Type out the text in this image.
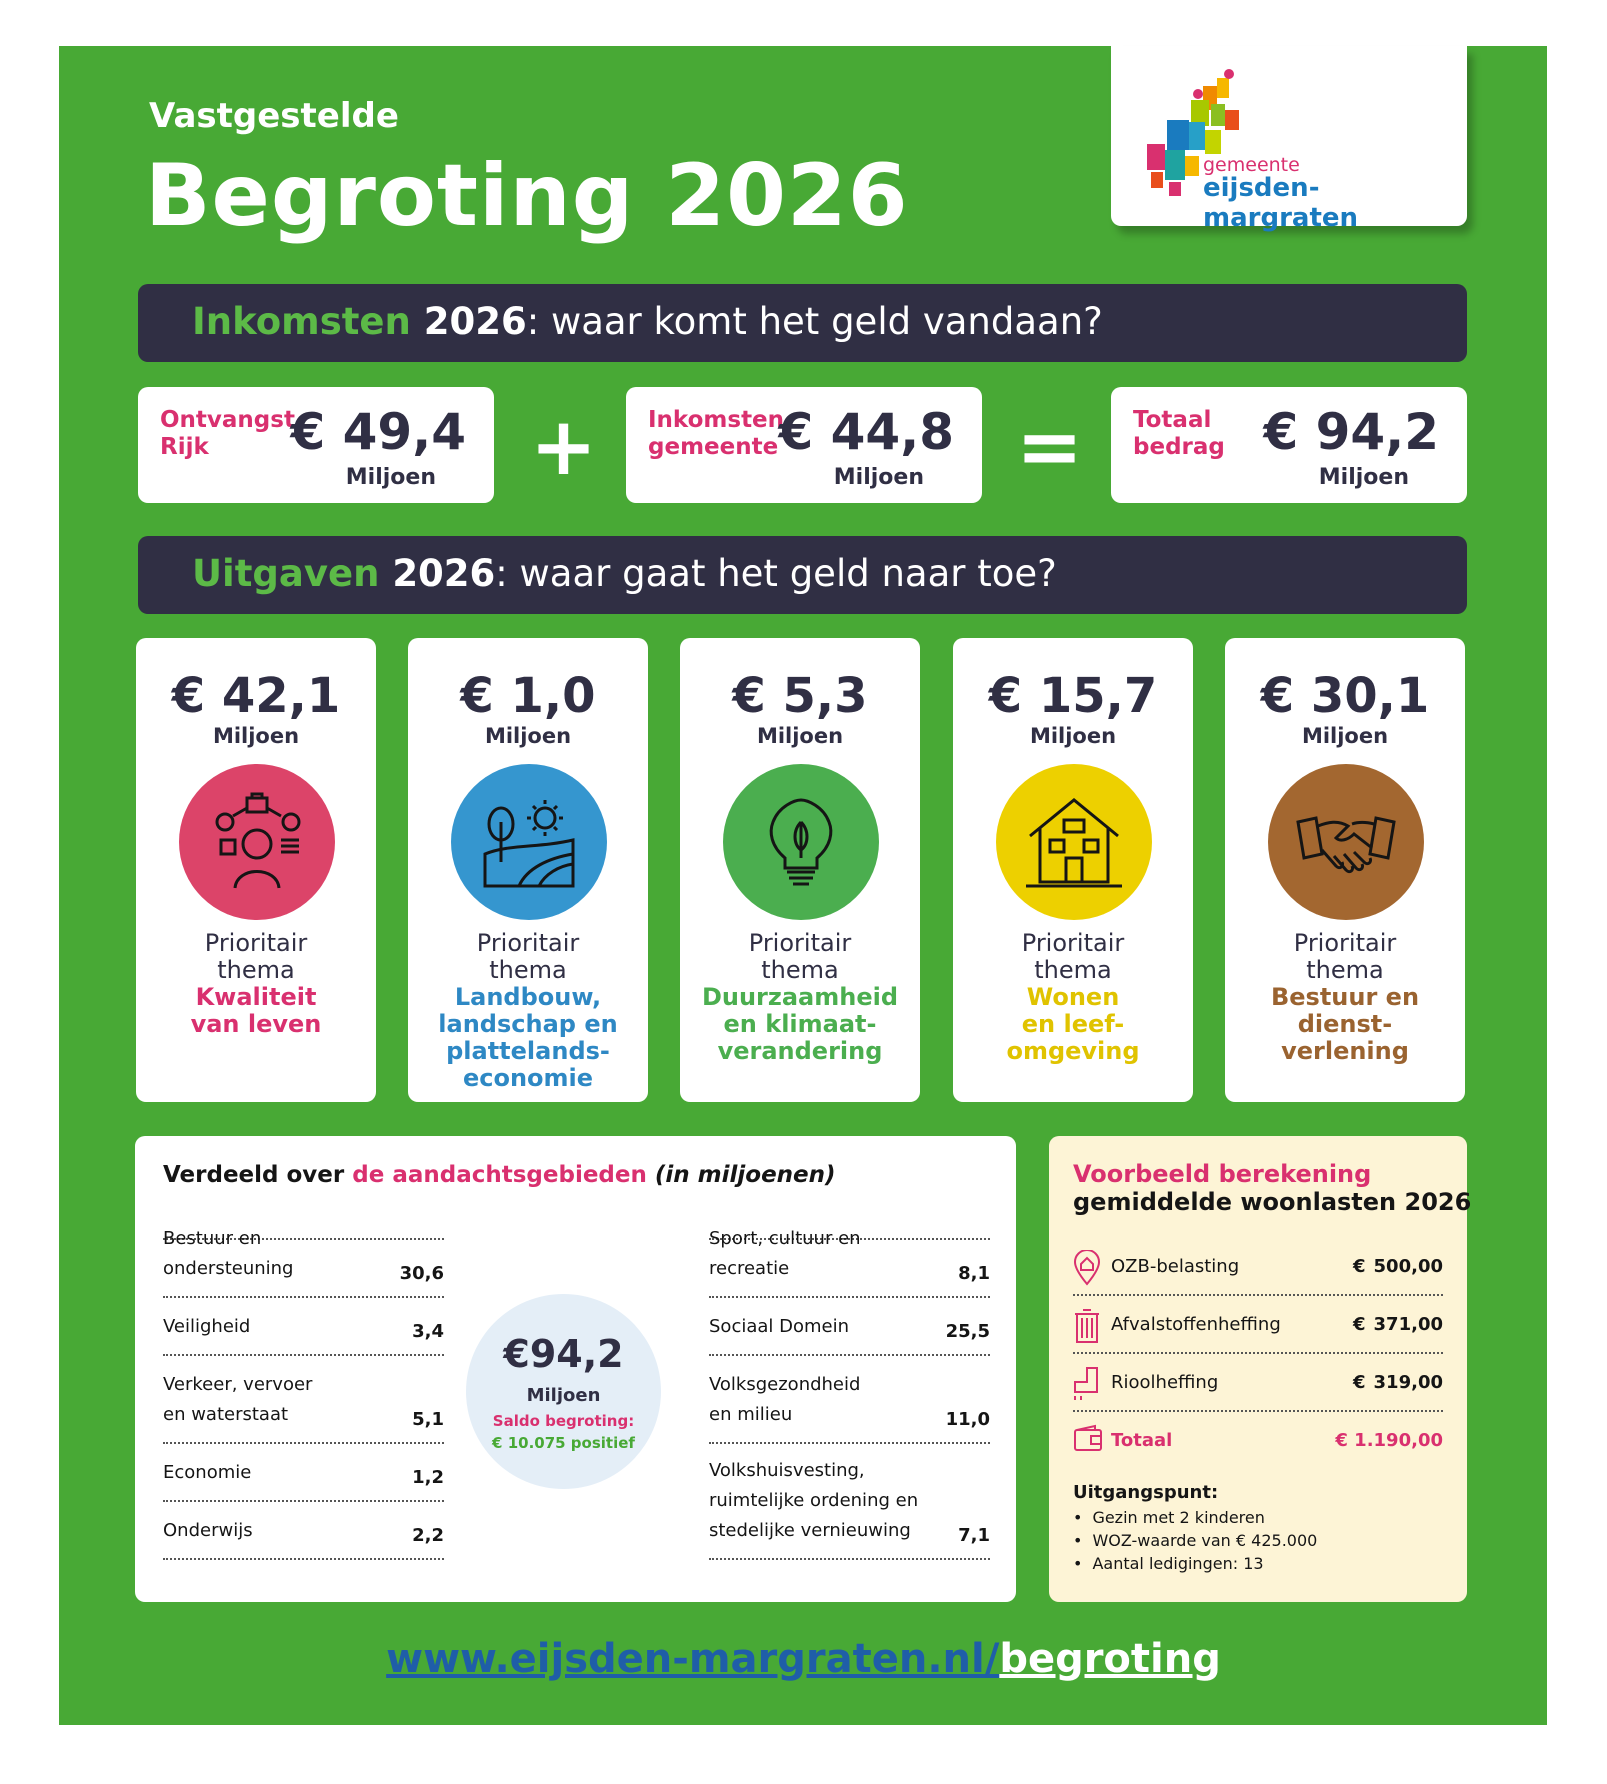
Vastgestelde
Begroting 2026	gemeente
eijsden-margraten
Inkomsten 2026: waar komt het geld vandaan?
Ontvangst
Rijk	€ 49,4
Miljoen + Inkomsten
gemeente € 44,8
Miljoen = Totaal
bedrag € 94,2
Miljoen
Uitgaven 2026: waar gaat het geld naar toe?
€ 42,1
Miljoen
Prioritair
thema
Kwaliteit
van leven
€ 1,0
Miljoen
Prioritair
thema
Landbouw,
landschap en
plattelands-
economie
€ 5,3
Miljoen
Prioritair
thema
Duurzaamheid
en klimaat-
verandering
€ 15,7
Miljoen
Prioritair
thema
Wonen
en leef-
omgeving
€ 30,1
Miljoen
Prioritair
thema
Bestuur en
dienst-
verlening
Verdeeld over de aandachtsgebieden (in miljoenen)
Bestuur en ondersteuning	30,6
Veiligheid	3,4
Verkeer, vervoer
en waterstaat	5,1
Economie	1,2
Onderwijs	2,2
€94,2
Miljoen
Saldo begroting:
€ 10.075 positief
Sport, cultuur en recreatie	8,1
Sociaal Domein	25,5
Volksgezondheid
en milieu	11,0
Volkshuisvesting,
ruimtelijke ordening en
stedelijke vernieuwing	7,1
Voorbeeld berekening
gemiddelde woonlasten 2026
OZB-belasting	€ 500,00
Afvalstoffenheffing	€ 371,00
Rioolheffing	€ 319,00
Totaal	€ 1.190,00
Uitgangspunt:
• Gezin met 2 kinderen
• WOZ-waarde van € 425.000
• Aantal ledigingen: 13
www.eijsden-margraten.nl/begroting
